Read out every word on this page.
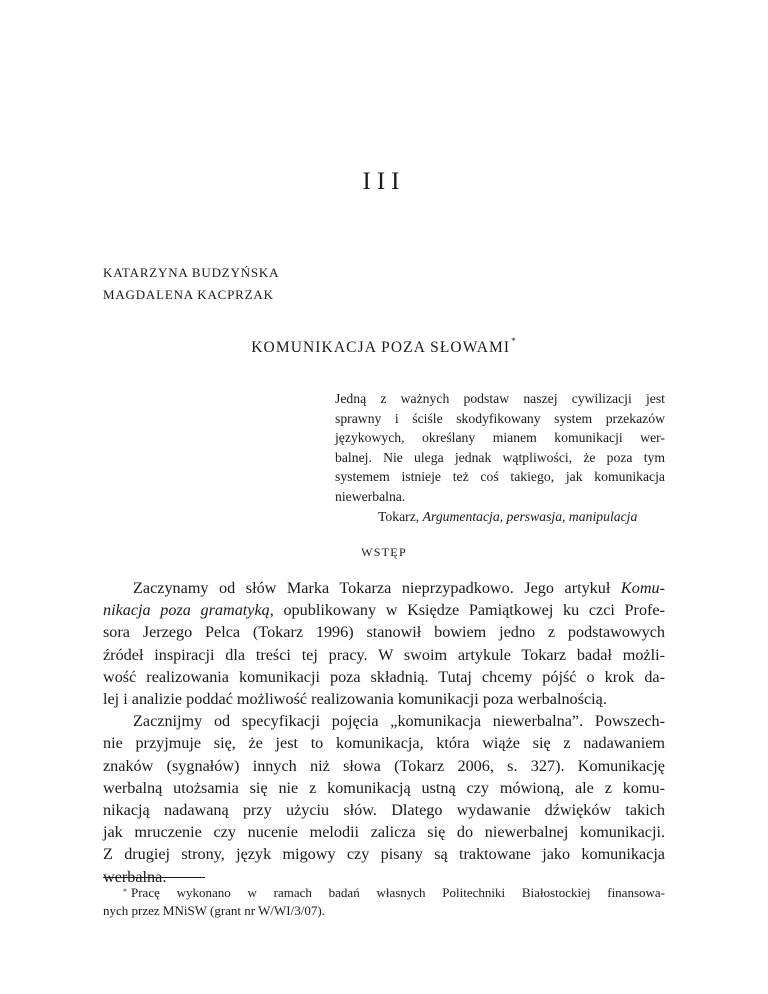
III
KATARZYNA BUDZYŃSKA
MAGDALENA KACPRZAK
KOMUNIKACJA POZA SŁOWAMI*
Jedną z ważnych podstaw naszej cywilizacji jest
sprawny i ściśle skodyfikowany system przekazów
językowych, określany mianem komunikacji wer-
balnej. Nie ulega jednak wątpliwości, że poza tym
systemem istnieje też coś takiego, jak komunikacja
niewerbalna.
Tokarz, Argumentacja, perswasja, manipulacja
WSTĘP
Zaczynamy od słów Marka Tokarza nieprzypadkowo. Jego artykuł Komu-
nikacja poza gramatyką, opublikowany w Księdze Pamiątkowej ku czci Profe-
sora Jerzego Pelca (Tokarz 1996) stanowił bowiem jedno z podstawowych
źródeł inspiracji dla treści tej pracy. W swoim artykule Tokarz badał możli-
wość realizowania komunikacji poza składnią. Tutaj chcemy pójść o krok da-
lej i analizie poddać możliwość realizowania komunikacji poza werbalnością.
Zacznijmy od specyfikacji pojęcia „komunikacja niewerbalna”. Powszech-
nie przyjmuje się, że jest to komunikacja, która wiąże się z nadawaniem
znaków (sygnałów) innych niż słowa (Tokarz 2006, s. 327). Komunikację
werbalną utożsamia się nie z komunikacją ustną czy mówioną, ale z komu-
nikacją nadawaną przy użyciu słów. Dlatego wydawanie dźwięków takich
jak mruczenie czy nucenie melodii zalicza się do niewerbalnej komunikacji.
Z drugiej strony, język migowy czy pisany są traktowane jako komunikacja
werbalna.
* Pracę wykonano w ramach badań własnych Politechniki Białostockiej finansowa-
nych przez MNiSW (grant nr W/WI/3/07).
